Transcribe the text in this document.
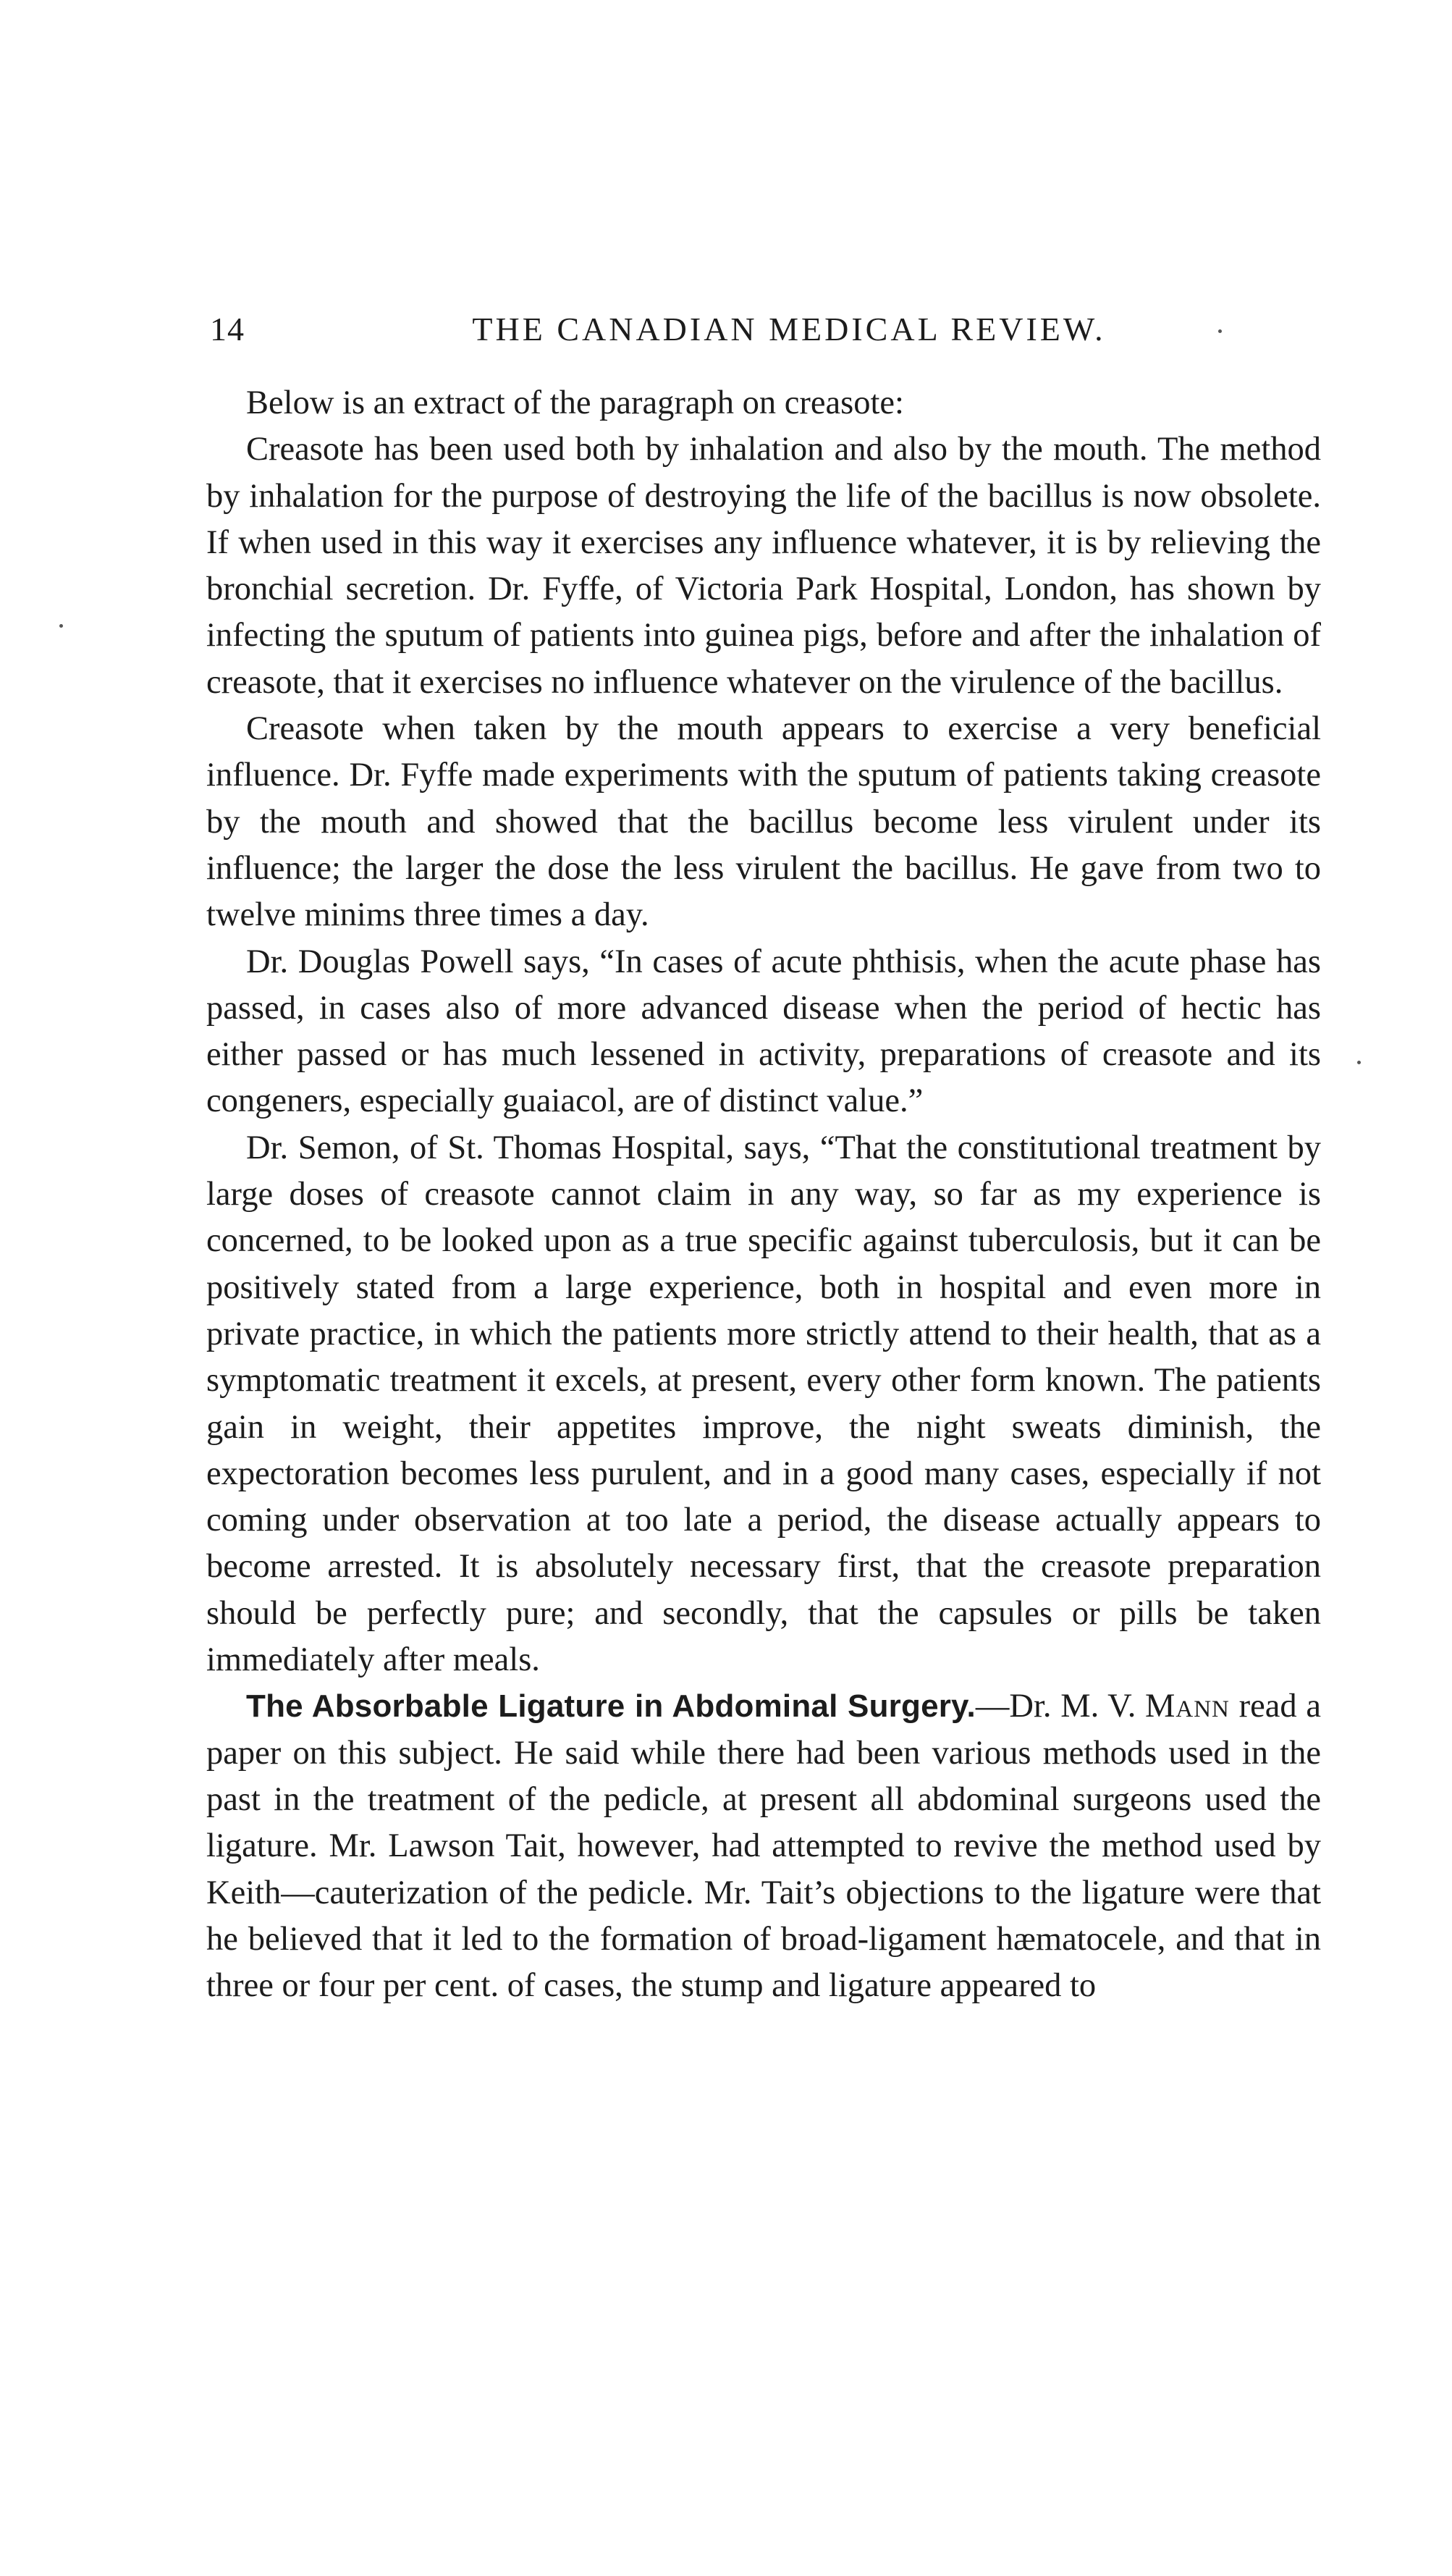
14	THE CANADIAN MEDICAL REVIEW.

Below is an extract of the paragraph on creasote:

Creasote has been used both by inhalation and also by the mouth. The method by inhalation for the purpose of destroying the life of the bacillus is now obsolete. If when used in this way it exercises any influence whatever, it is by relieving the bronchial secretion. Dr. Fyffe, of Victoria Park Hospital, London, has shown by infecting the sputum of patients into guinea pigs, before and after the inhalation of creasote, that it exercises no influence whatever on the virulence of the bacillus.

Creasote when taken by the mouth appears to exercise a very beneficial influence. Dr. Fyffe made experiments with the sputum of patients taking creasote by the mouth and showed that the bacillus become less virulent under its influence; the larger the dose the less virulent the bacillus. He gave from two to twelve minims three times a day.

Dr. Douglas Powell says, “In cases of acute phthisis, when the acute phase has passed, in cases also of more advanced disease when the period of hectic has either passed or has much lessened in activity, preparations of creasote and its congeners, especially guaiacol, are of distinct value.”

Dr. Semon, of St. Thomas Hospital, says, “That the constitutional treatment by large doses of creasote cannot claim in any way, so far as my experience is concerned, to be looked upon as a true specific against tuberculosis, but it can be positively stated from a large experience, both in hospital and even more in private practice, in which the patients more strictly attend to their health, that as a symptomatic treatment it excels, at present, every other form known. The patients gain in weight, their appetites improve, the night sweats diminish, the expectoration becomes less purulent, and in a good many cases, especially if not coming under observation at too late a period, the disease actually appears to become arrested. It is absolutely necessary first, that the creasote preparation should be perfectly pure; and secondly, that the capsules or pills be taken immediately after meals.

The Absorbable Ligature in Abdominal Surgery.—Dr. M. V. Mann read a paper on this subject. He said while there had been various methods used in the past in the treatment of the pedicle, at present all abdominal surgeons used the ligature. Mr. Lawson Tait, however, had attempted to revive the method used by Keith—cauterization of the pedicle. Mr. Tait’s objections to the ligature were that he believed that it led to the formation of broad-ligament hæmatocele, and that in three or four per cent. of cases, the stump and ligature appeared to
